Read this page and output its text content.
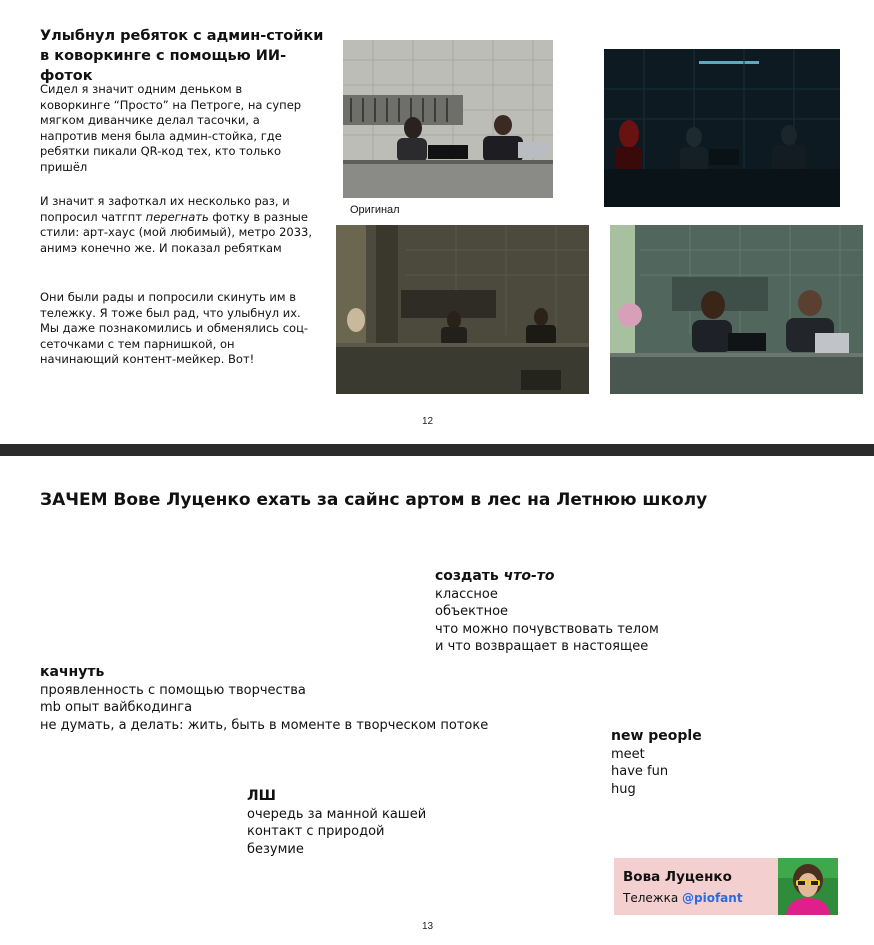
Улыбнул ребяток с админ-стойки в коворкинге с помощью ИИ-фоток
Сидел я значит одним деньком в коворкинге “Просто” на Петроге, на супер мягком диванчике делал тасочки, а напротив меня была админ-стойка, где ребятки пикали QR-код тех, кто только пришёл
И значит я зафоткал их несколько раз, и попросил чатгпт перегнать фотку в разные стили: арт-хаус (мой любимый), метро 2033, анимэ конечно же. И показал ребяткам
Они были рады и попросили скинуть им в тележку. Я тоже был рад, что улыбнул их. Мы даже познакомились и обменялись соц-сеточками с тем парнишкой, он начинающий контент-мейкер. Вот!
Оригинал
12
ЗАЧЕМ Вове Луценко ехать за сайнс артом в лес на Летнюю школу
создать что-то
классное
объектное
что можно почувствовать телом
и что возвращает в настоящее
качнуть
проявленность с помощью творчества
mb опыт вайбкодинга
не думать, а делать: жить, быть в моменте в творческом потоке
new people
meet
have fun
hug
ЛШ
очередь за манной кашей
контакт с природой
безумие
Вова Луценко
Тележка @piofant
13
